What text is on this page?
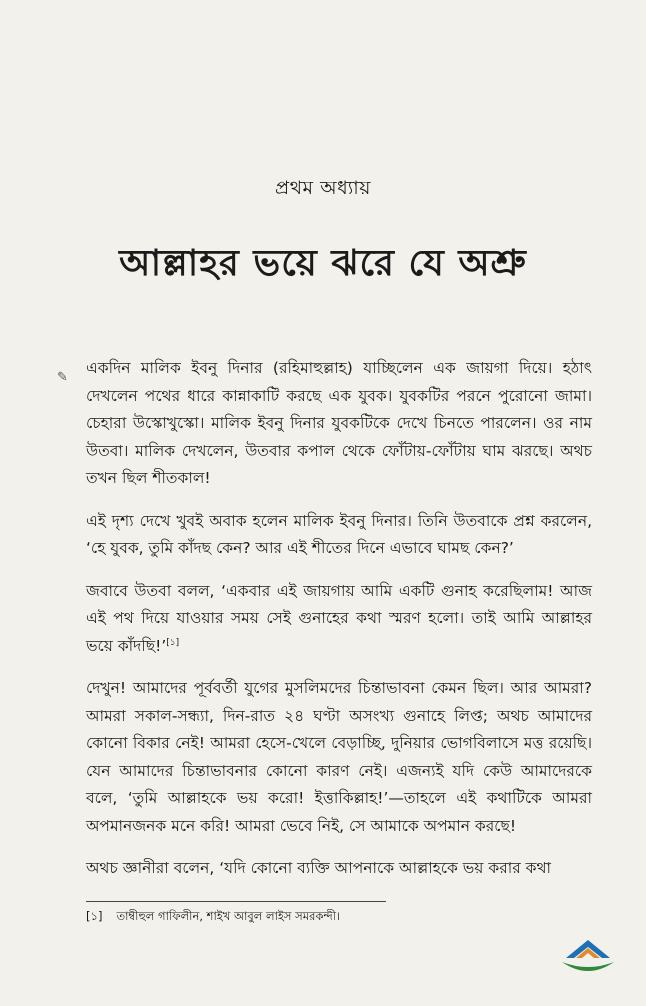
প্রথম অধ্যায়
আল্লাহর ভয়ে ঝরে যে অশ্রু
✎

একদিন মালিক ইবনু দিনার (রহিমাহুল্লাহ) যাচ্ছিলেন এক জায়গা দিয়ে। হঠাৎ দেখলেন পথের ধারে কান্নাকাটি করছে এক যুবক। যুবকটির পরনে পুরোনো জামা। চেহারা উস্কোখুস্কো। মালিক ইবনু দিনার যুবকটিকে দেখে চিনতে পারলেন। ওর নাম উতবা। মালিক দেখলেন, উতবার কপাল থেকে ফোঁটায়-ফোঁটায় ঘাম ঝরছে। অথচ তখন ছিল শীতকাল!

এই দৃশ্য দেখে খুবই অবাক হলেন মালিক ইবনু দিনার। তিনি উতবাকে প্রশ্ন করলেন, ‘হে যুবক, তুমি কাঁদছ কেন? আর এই শীতের দিনে এভাবে ঘামছ কেন?’

জবাবে উতবা বলল, ‘একবার এই জায়গায় আমি একটি গুনাহ করেছিলাম! আজ এই পথ দিয়ে যাওয়ার সময় সেই গুনাহের কথা স্মরণ হলো। তাই আমি আল্লাহর ভয়ে কাঁদছি!’[১]

দেখুন! আমাদের পূর্ববর্তী যুগের মুসলিমদের চিন্তাভাবনা কেমন ছিল। আর আমরা? আমরা সকাল-সন্ধ্যা, দিন-রাত ২৪ ঘণ্টা অসংখ্য গুনাহে লিপ্ত; অথচ আমাদের কোনো বিকার নেই! আমরা হেসে-খেলে বেড়াচ্ছি, দুনিয়ার ভোগবিলাসে মত্ত রয়েছি। যেন আমাদের চিন্তাভাবনার কোনো কারণ নেই। এজন্যই যদি কেউ আমাদেরকে বলে, ‘তুমি আল্লাহকে ভয় করো! ইত্তাকিল্লাহ!’—তাহলে এই কথাটিকে আমরা অপমানজনক মনে করি! আমরা ভেবে নিই, সে আমাকে অপমান করছে!

অথচ জ্ঞানীরা বলেন, ‘যদি কোনো ব্যক্তি আপনাকে আল্লাহকে ভয় করার কথা

[১] তাম্বীহুল গাফিলীন, শাইখ আবুল লাইস সমরকন্দী।
